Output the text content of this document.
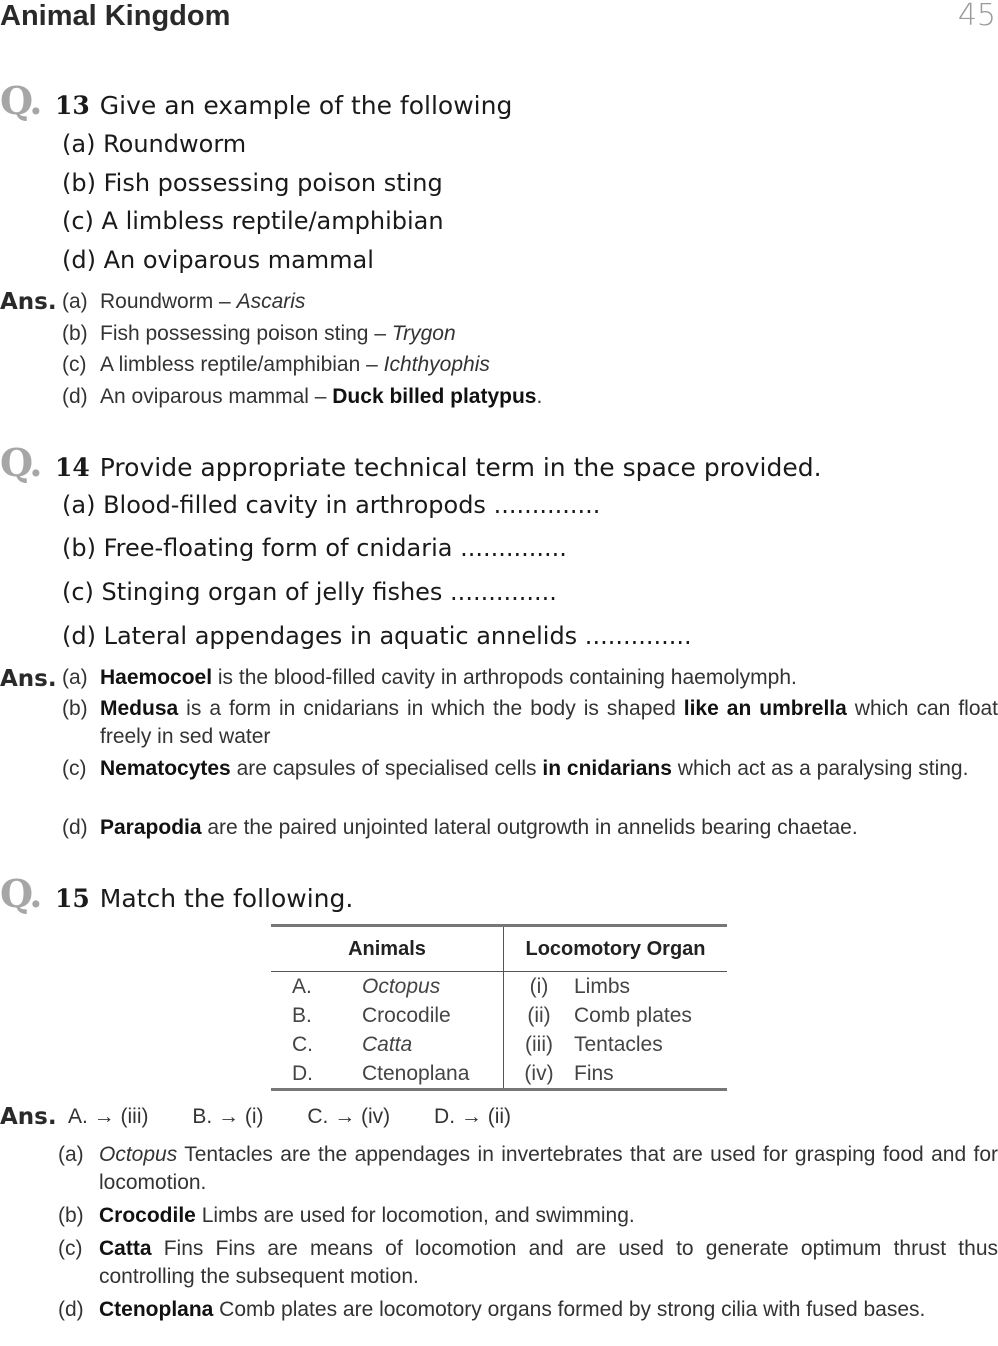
Animal Kingdom	45
Q. 13 Give an example of the following
(a) Roundworm
(b) Fish possessing poison sting
(c) A limbless reptile/amphibian
(d) An oviparous mammal
Ans. (a) Roundworm – Ascaris
(b) Fish possessing poison sting – Trygon
(c) A limbless reptile/amphibian – Ichthyophis
(d) An oviparous mammal – Duck billed platypus.
Q. 14 Provide appropriate technical term in the space provided.
(a) Blood-filled cavity in arthropods ..............
(b) Free-floating form of cnidaria ..............
(c) Stinging organ of jelly fishes ..............
(d) Lateral appendages in aquatic annelids ..............
Ans. (a) Haemocoel is the blood-filled cavity in arthropods containing haemolymph.
(b) Medusa is a form in cnidarians in which the body is shaped like an umbrella which can float freely in sed water
(c) Nematocytes are capsules of specialised cells in cnidarians which act as a paralysing sting.
(d) Parapodia are the paired unjointed lateral outgrowth in annelids bearing chaetae.
Q. 15 Match the following.
Animals		Locomotory Organ	
A.	Octopus	(i)	Limbs
B.	Crocodile	(ii)	Comb plates
C.	Catta	(iii)	Tentacles
D.	Ctenoplana	(iv)	Fins
Ans. A. → (iii) B. → (i) C. → (iv) D. → (ii)
(a) Octopus Tentacles are the appendages in invertebrates that are used for grasping food and for locomotion.
(b) Crocodile Limbs are used for locomotion, and swimming.
(c) Catta Fins Fins are means of locomotion and are used to generate optimum thrust thus controlling the subsequent motion.
(d) Ctenoplana Comb plates are locomotory organs formed by strong cilia with fused bases.
